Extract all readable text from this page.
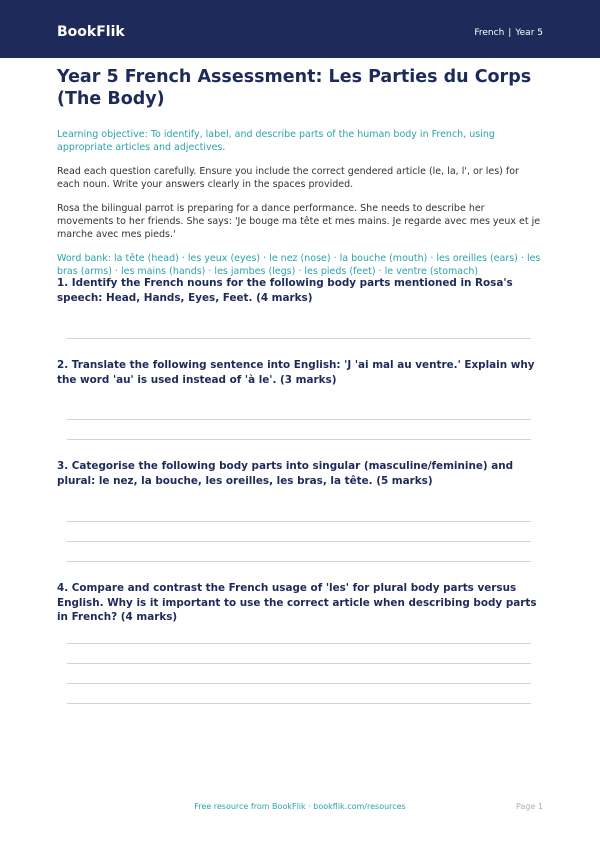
BookFlik	French | Year 5
Year 5 French Assessment: Les Parties du Corps (The Body)

Learning objective: To identify, label, and describe parts of the human body in French, using appropriate articles and adjectives.

Read each question carefully. Ensure you include the correct gendered article (le, la, l', or les) for each noun. Write your answers clearly in the spaces provided.

Rosa the bilingual parrot is preparing for a dance performance. She needs to describe her movements to her friends. She says: 'Je bouge ma tête et mes mains. Je regarde avec mes yeux et je marche avec mes pieds.'

Word bank: la tête (head) · les yeux (eyes) · le nez (nose) · la bouche (mouth) · les oreilles (ears) · les bras (arms) · les mains (hands) · les jambes (legs) · les pieds (feet) · le ventre (stomach)

1. Identify the French nouns for the following body parts mentioned in Rosa's speech: Head, Hands, Eyes, Feet. (4 marks)

2. Translate the following sentence into English: 'J 'ai mal au ventre.' Explain why the word 'au' is used instead of 'à le'. (3 marks)

3. Categorise the following body parts into singular (masculine/feminine) and plural: le nez, la bouche, les oreilles, les bras, la tête. (5 marks)

4. Compare and contrast the French usage of 'les' for plural body parts versus English. Why is it important to use the correct article when describing body parts in French? (4 marks)

Free resource from BookFlik · bookflik.com/resources	Page 1
